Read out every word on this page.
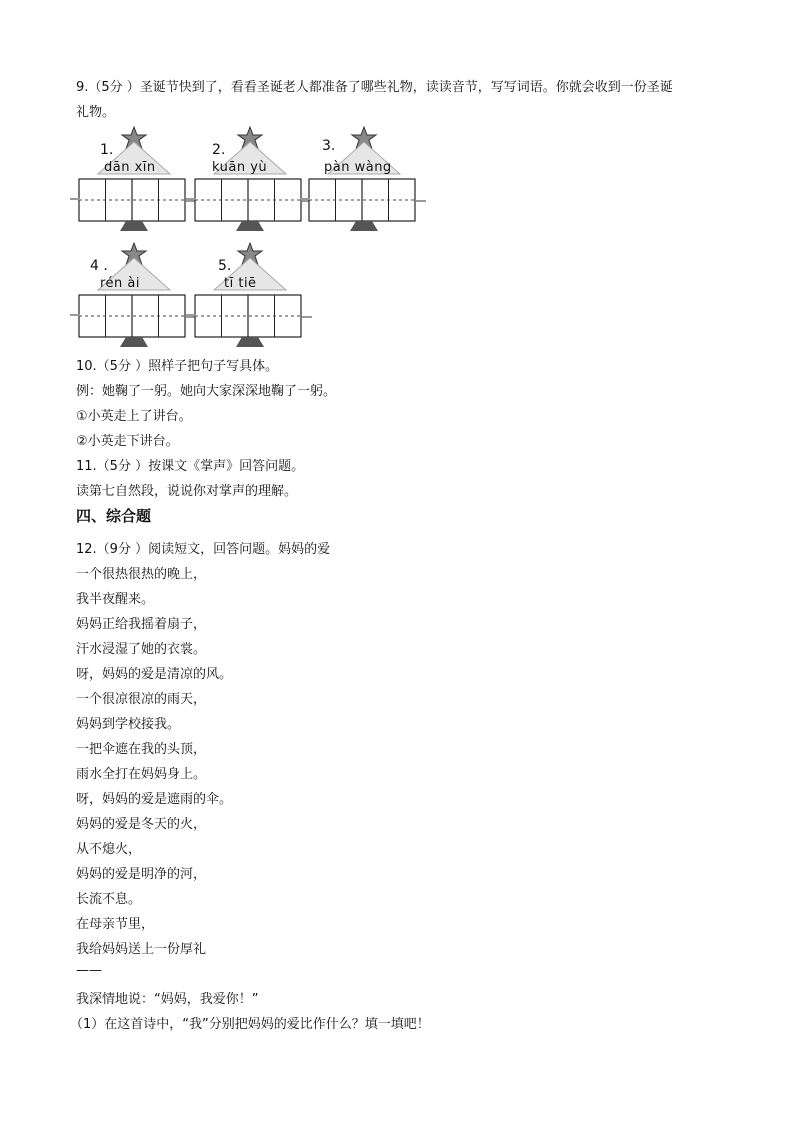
9.（5分 ）圣诞节快到了，看看圣诞老人都准备了哪些礼物，读读音节，写写词语。你就会收到一份圣诞
礼物。
1.
dān xīn
2.
kuān yù
3.
pàn wàng
4 .
rén ài
5.
tī tiē
10.（5分 ）照样子把句子写具体。
例：她鞠了一躬。她向大家深深地鞠了一躬。
①小英走上了讲台。
②小英走下讲台。
11.（5分 ）按课文《掌声》回答问题。
读第七自然段，说说你对掌声的理解。
四、综合题
12.（9分 ）阅读短文，回答问题。妈妈的爱
一个很热很热的晚上，
我半夜醒来。
妈妈正给我摇着扇子，
汗水浸湿了她的衣裳。
呀，妈妈的爱是清凉的风。
一个很凉很凉的雨天，
妈妈到学校接我。
一把伞遮在我的头顶，
雨水全打在妈妈身上。
呀，妈妈的爱是遮雨的伞。
妈妈的爱是冬天的火，
从不熄火，
妈妈的爱是明净的河，
长流不息。
在母亲节里，
我给妈妈送上一份厚礼
——
我深情地说：“妈妈，我爱你！”
（1）在这首诗中，“我”分别把妈妈的爱比作什么？填一填吧！
